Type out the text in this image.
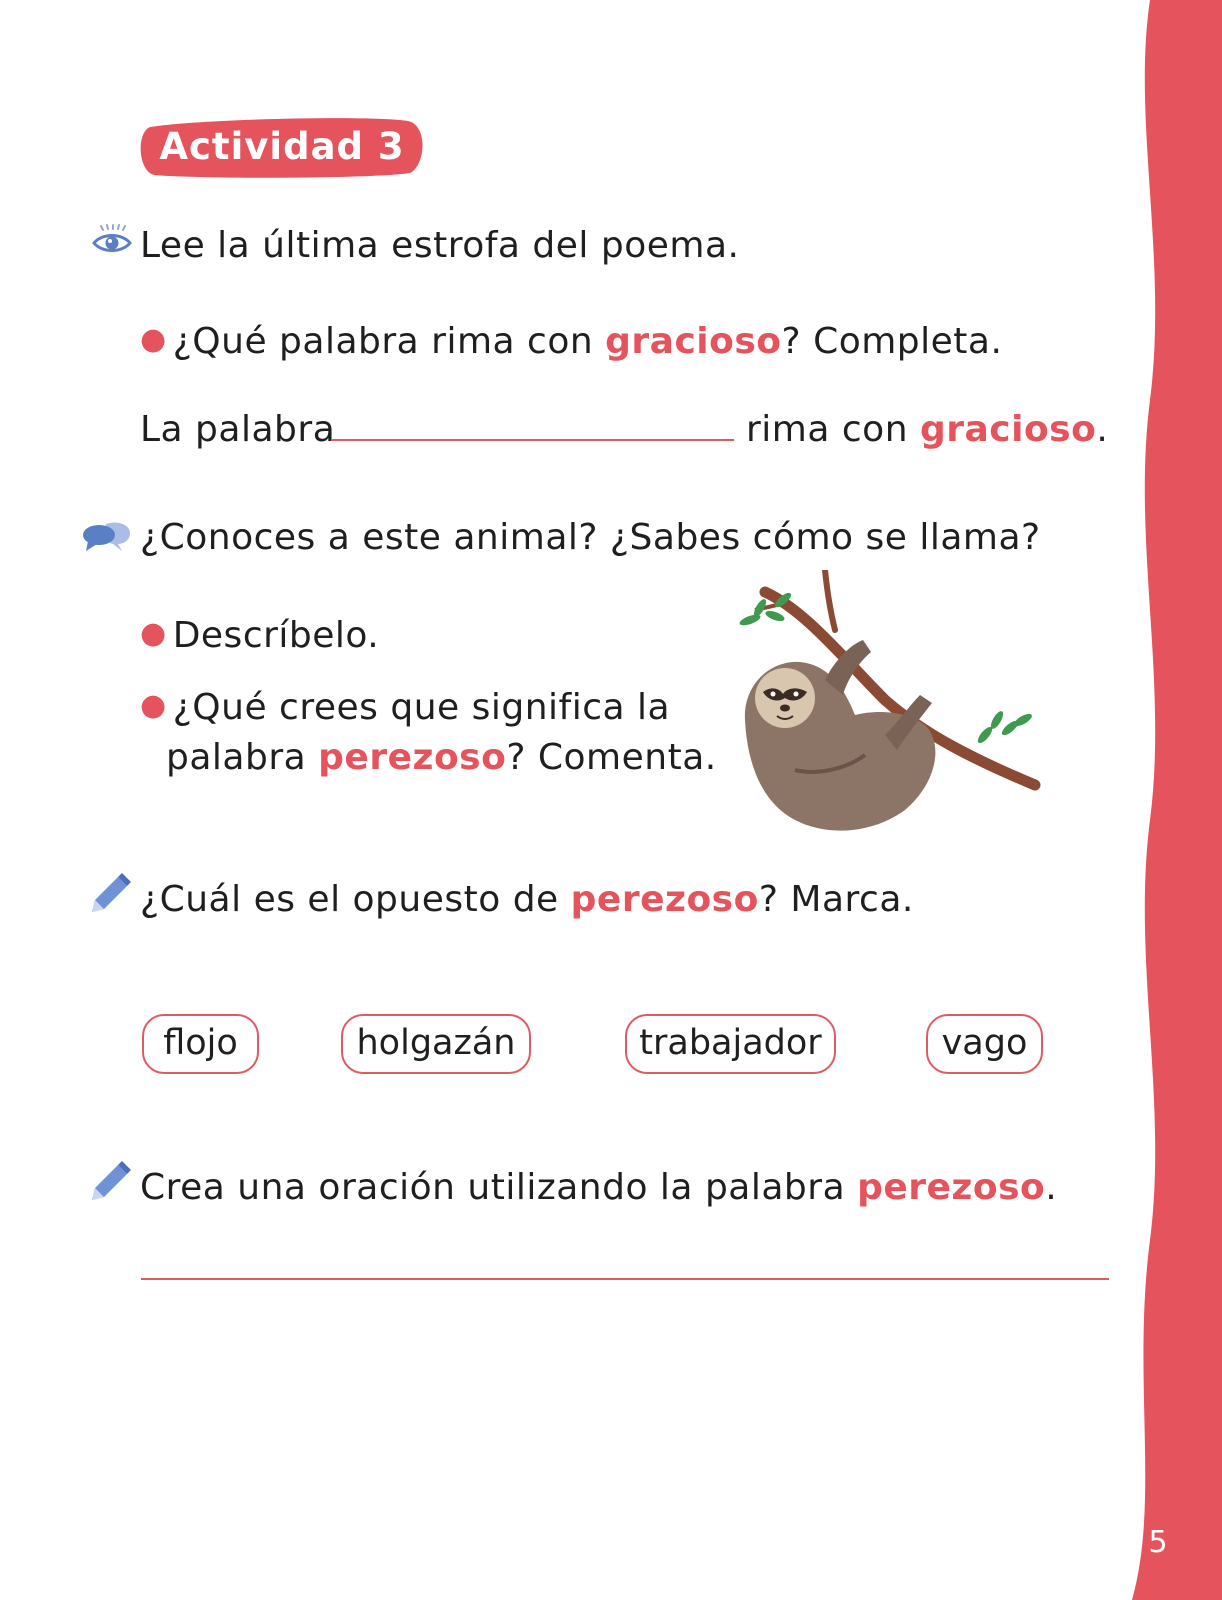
Actividad 3
Lee la última estrofa del poema.
● ¿Qué palabra rima con gracioso? Completa.
La palabra	rima con gracioso.
¿Conoces a este animal? ¿Sabes cómo se llama?
● Descríbelo.
● ¿Qué crees que significa la
palabra perezoso? Comenta.
¿Cuál es el opuesto de perezoso? Marca.
flojo	holgazán	trabajador	vago
Crea una oración utilizando la palabra perezoso.
5
